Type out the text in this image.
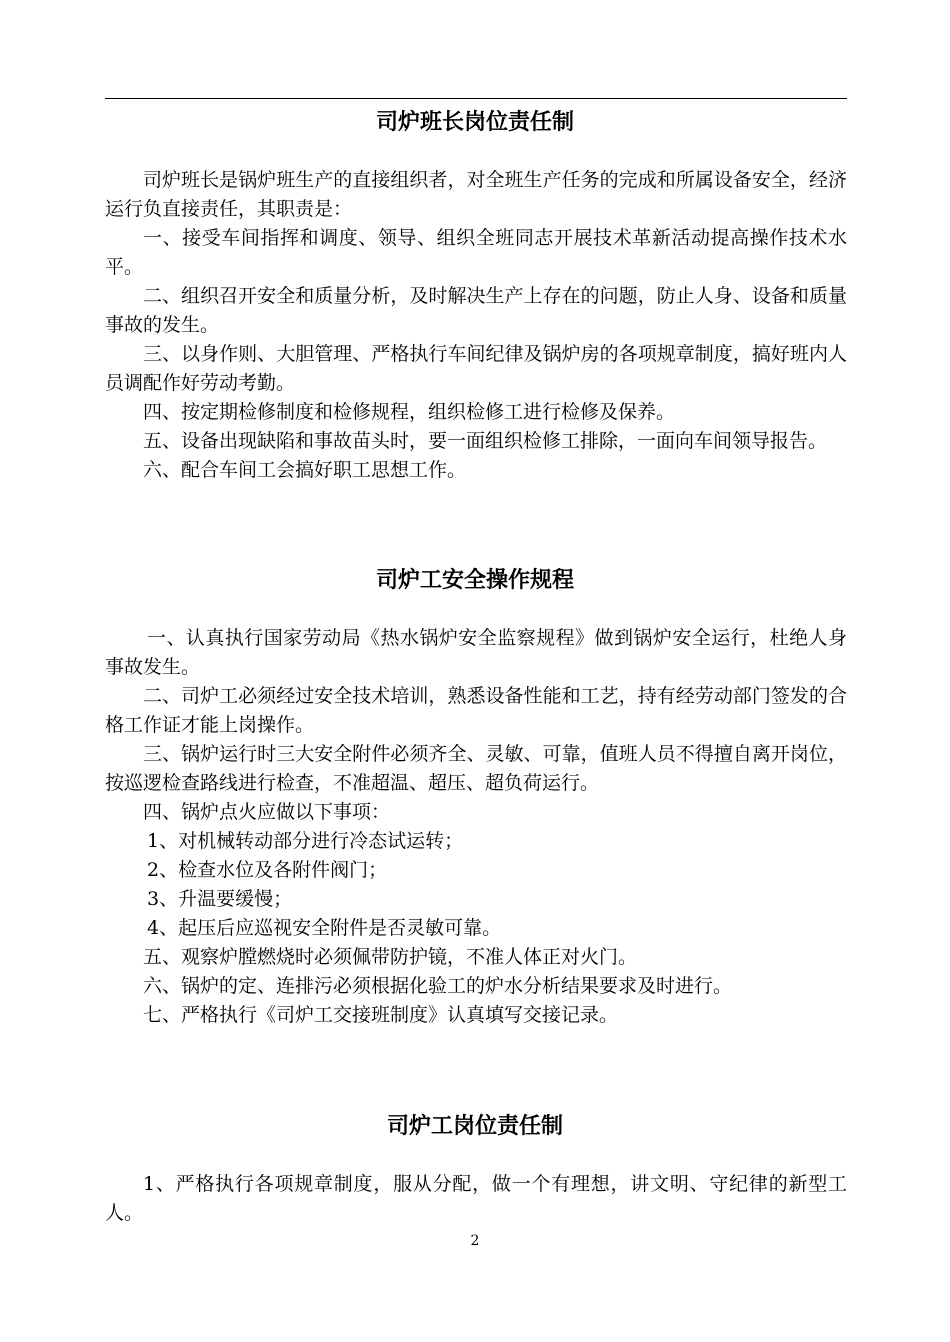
司炉班长岗位责任制

司炉班长是锅炉班生产的直接组织者，对全班生产任务的完成和所属设备安全，经济运行负直接责任，其职责是：

一、接受车间指挥和调度、领导、组织全班同志开展技术革新活动提高操作技术水平。

二、组织召开安全和质量分析，及时解决生产上存在的问题，防止人身、设备和质量事故的发生。

三、以身作则、大胆管理、严格执行车间纪律及锅炉房的各项规章制度，搞好班内人员调配作好劳动考勤。

四、按定期检修制度和检修规程，组织检修工进行检修及保养。

五、设备出现缺陷和事故苗头时，要一面组织检修工排除，一面向车间领导报告。

六、配合车间工会搞好职工思想工作。

司炉工安全操作规程

一、认真执行国家劳动局《热水锅炉安全监察规程》做到锅炉安全运行，杜绝人身事故发生。

二、司炉工必须经过安全技术培训，熟悉设备性能和工艺，持有经劳动部门签发的合格工作证才能上岗操作。

三、锅炉运行时三大安全附件必须齐全、灵敏、可靠，值班人员不得擅自离开岗位，按巡逻检查路线进行检查，不准超温、超压、超负荷运行。

四、锅炉点火应做以下事项：

1、对机械转动部分进行冷态试运转；

2、检查水位及各附件阀门；

3、升温要缓慢；

4、起压后应巡视安全附件是否灵敏可靠。

五、观察炉膛燃烧时必须佩带防护镜，不准人体正对火门。

六、锅炉的定、连排污必须根据化验工的炉水分析结果要求及时进行。

七、严格执行《司炉工交接班制度》认真填写交接记录。

司炉工岗位责任制

1、严格执行各项规章制度，服从分配，做一个有理想，讲文明、守纪律的新型工人。

2
